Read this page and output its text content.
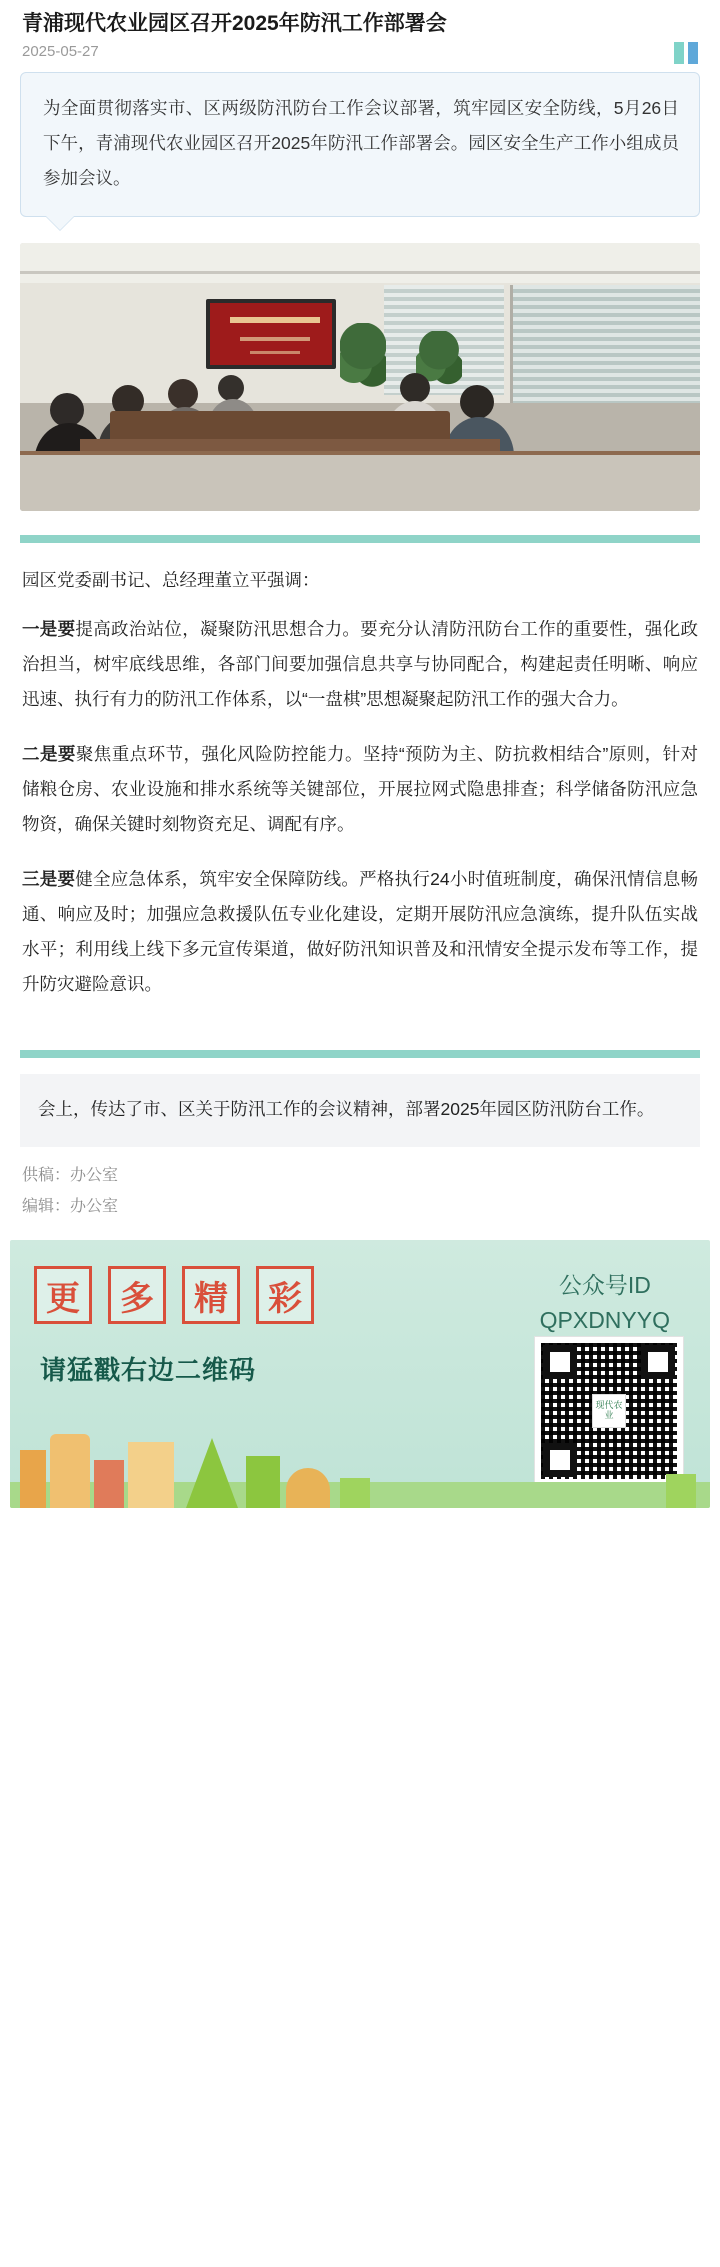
青浦现代农业园区召开2025年防汛工作部署会
2025-05-27
为全面贯彻落实市、区两级防汛防台工作会议部署，筑牢园区安全防线，5月26日下午，青浦现代农业园区召开2025年防汛工作部署会。园区安全生产工作小组成员参加会议。
园区党委副书记、总经理董立平强调：

一是要提高政治站位，凝聚防汛思想合力。要充分认清防汛防台工作的重要性，强化政治担当，树牢底线思维，各部门间要加强信息共享与协同配合，构建起责任明晰、响应迅速、执行有力的防汛工作体系，以“一盘棋”思想凝聚起防汛工作的强大合力。

二是要聚焦重点环节，强化风险防控能力。坚持“预防为主、防抗救相结合”原则，针对储粮仓房、农业设施和排水系统等关键部位，开展拉网式隐患排查；科学储备防汛应急物资，确保关键时刻物资充足、调配有序。

三是要健全应急体系，筑牢安全保障防线。严格执行24小时值班制度，确保汛情信息畅通、响应及时；加强应急救援队伍专业化建设，定期开展防汛应急演练，提升队伍实战水平；利用线上线下多元宣传渠道，做好防汛知识普及和汛情安全提示发布等工作，提升防灾避险意识。

会上，传达了市、区关于防汛工作的会议精神，部署2025年园区防汛防台工作。
供稿：办公室
编辑：办公室
更	多	精	彩	公众号ID
QPXDNYYQ
请猛戳右边二维码
现代农业
